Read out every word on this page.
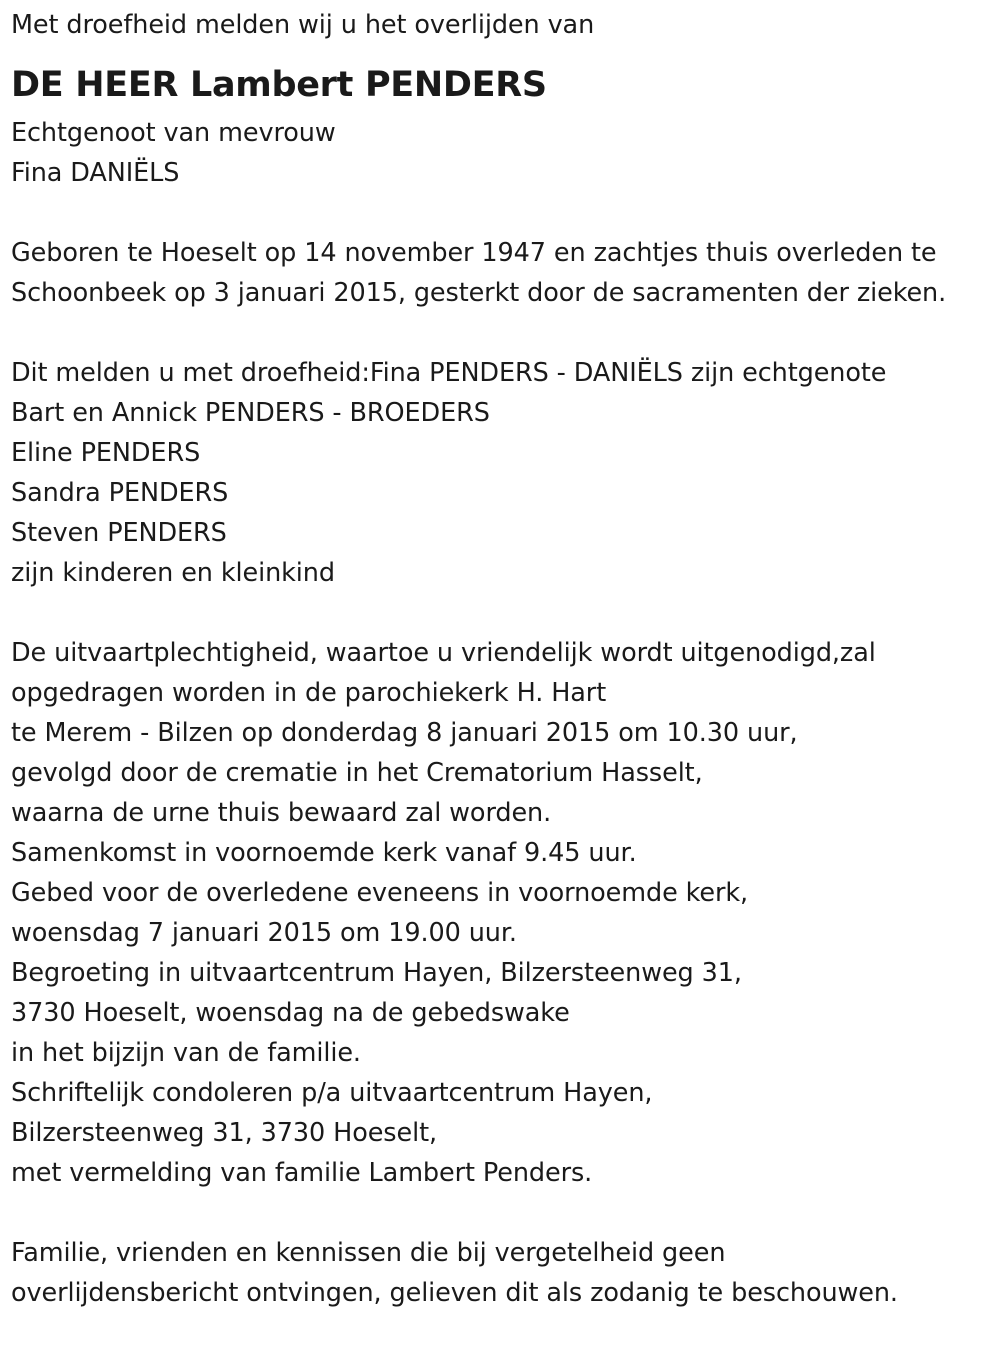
Met droefheid melden wij u het overlijden van
DE HEER Lambert PENDERS
Echtgenoot van mevrouw
Fina DANIËLS
Geboren te Hoeselt op 14 november 1947 en zachtjes thuis overleden te
Schoonbeek op 3 januari 2015, gesterkt door de sacramenten der zieken.
Dit melden u met droefheid:Fina PENDERS - DANIËLS zijn echtgenote
Bart en Annick PENDERS - BROEDERS
Eline PENDERS
Sandra PENDERS
Steven PENDERS
zijn kinderen en kleinkind
De uitvaartplechtigheid, waartoe u vriendelijk wordt uitgenodigd,zal
opgedragen worden in de parochiekerk H. Hart
te Merem - Bilzen op donderdag 8 januari 2015 om 10.30 uur,
gevolgd door de crematie in het Crematorium Hasselt,
waarna de urne thuis bewaard zal worden.
Samenkomst in voornoemde kerk vanaf 9.45 uur.
Gebed voor de overledene eveneens in voornoemde kerk,
woensdag 7 januari 2015 om 19.00 uur.
Begroeting in uitvaartcentrum Hayen, Bilzersteenweg 31,
3730 Hoeselt, woensdag na de gebedswake
in het bijzijn van de familie.
Schriftelijk condoleren p/a uitvaartcentrum Hayen,
Bilzersteenweg 31, 3730 Hoeselt,
met vermelding van familie Lambert Penders.
Familie, vrienden en kennissen die bij vergetelheid geen
overlijdensbericht ontvingen, gelieven dit als zodanig te beschouwen.
